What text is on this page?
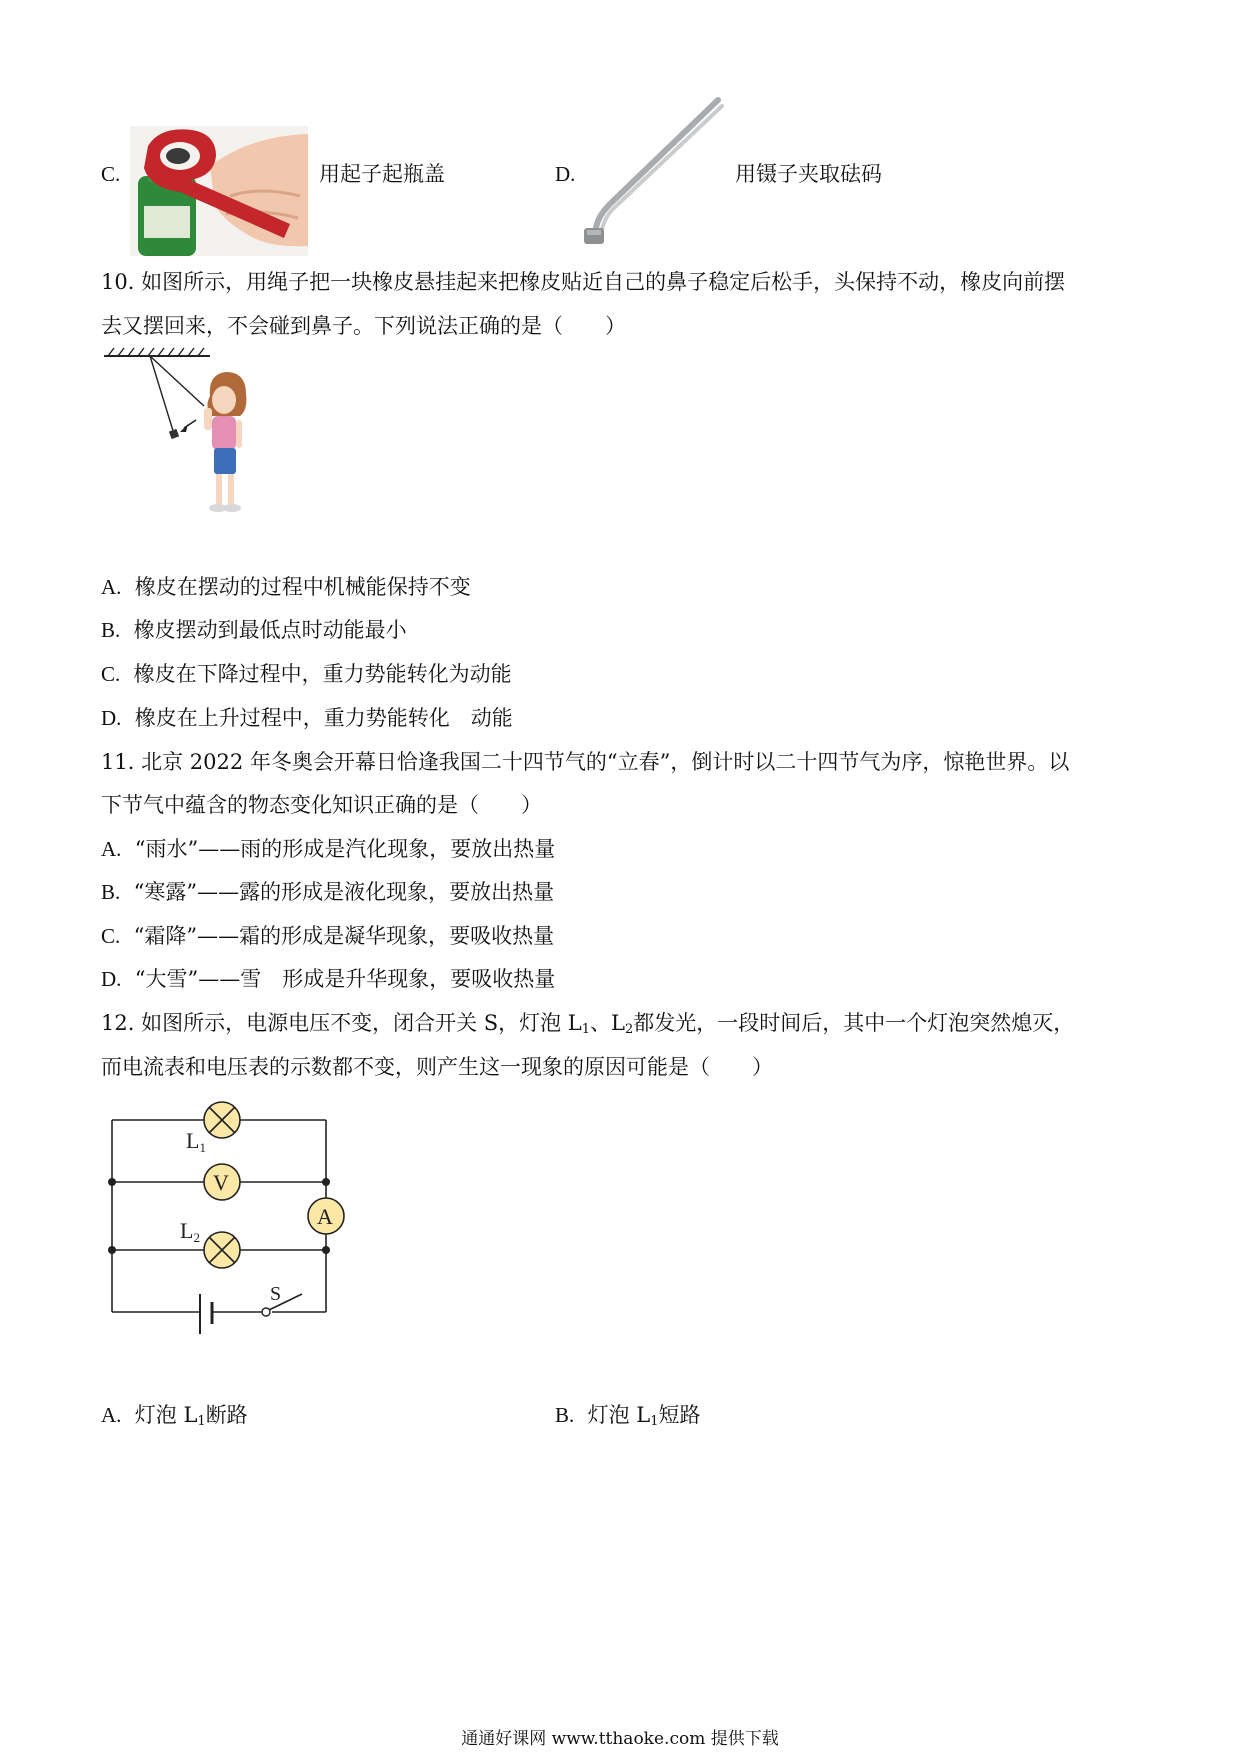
C.	用起子起瓶盖	D.	用镊子夹取砝码
10. 如图所示，用绳子把一块橡皮悬挂起来把橡皮贴近自己的鼻子稳定后松手，头保持不动，橡皮向前摆
去又摆回来，不会碰到鼻子。下列说法正确的是（　　）
A. 橡皮在摆动的过程中机械能保持不变
B. 橡皮摆动到最低点时动能最小
C. 橡皮在下降过程中，重力势能转化为动能
D. 橡皮在上升过程中，重力势能转化　动能
11. 北京 2022 年冬奥会开幕日恰逢我国二十四节气的“立春”，倒计时以二十四节气为序，惊艳世界。以
下节气中蕴含的物态变化知识正确的是（　　）
A. “雨水”——雨的形成是汽化现象，要放出热量
B. “寒露”——露的形成是液化现象，要放出热量
C. “霜降”——霜的形成是凝华现象，要吸收热量
D. “大雪”——雪　形成是升华现象，要吸收热量
12. 如图所示，电源电压不变，闭合开关 S，灯泡 $L_1$、$L_2$都发光，一段时间后，其中一个灯泡突然熄灭，
而电流表和电压表的示数都不变，则产生这一现象的原因可能是（　　）
L1
V
L2
A
S
A. 灯泡 $L_1$断路	B. 灯泡 $L_1$短路
通通好课网 www.tthaoke.com 提供下载
